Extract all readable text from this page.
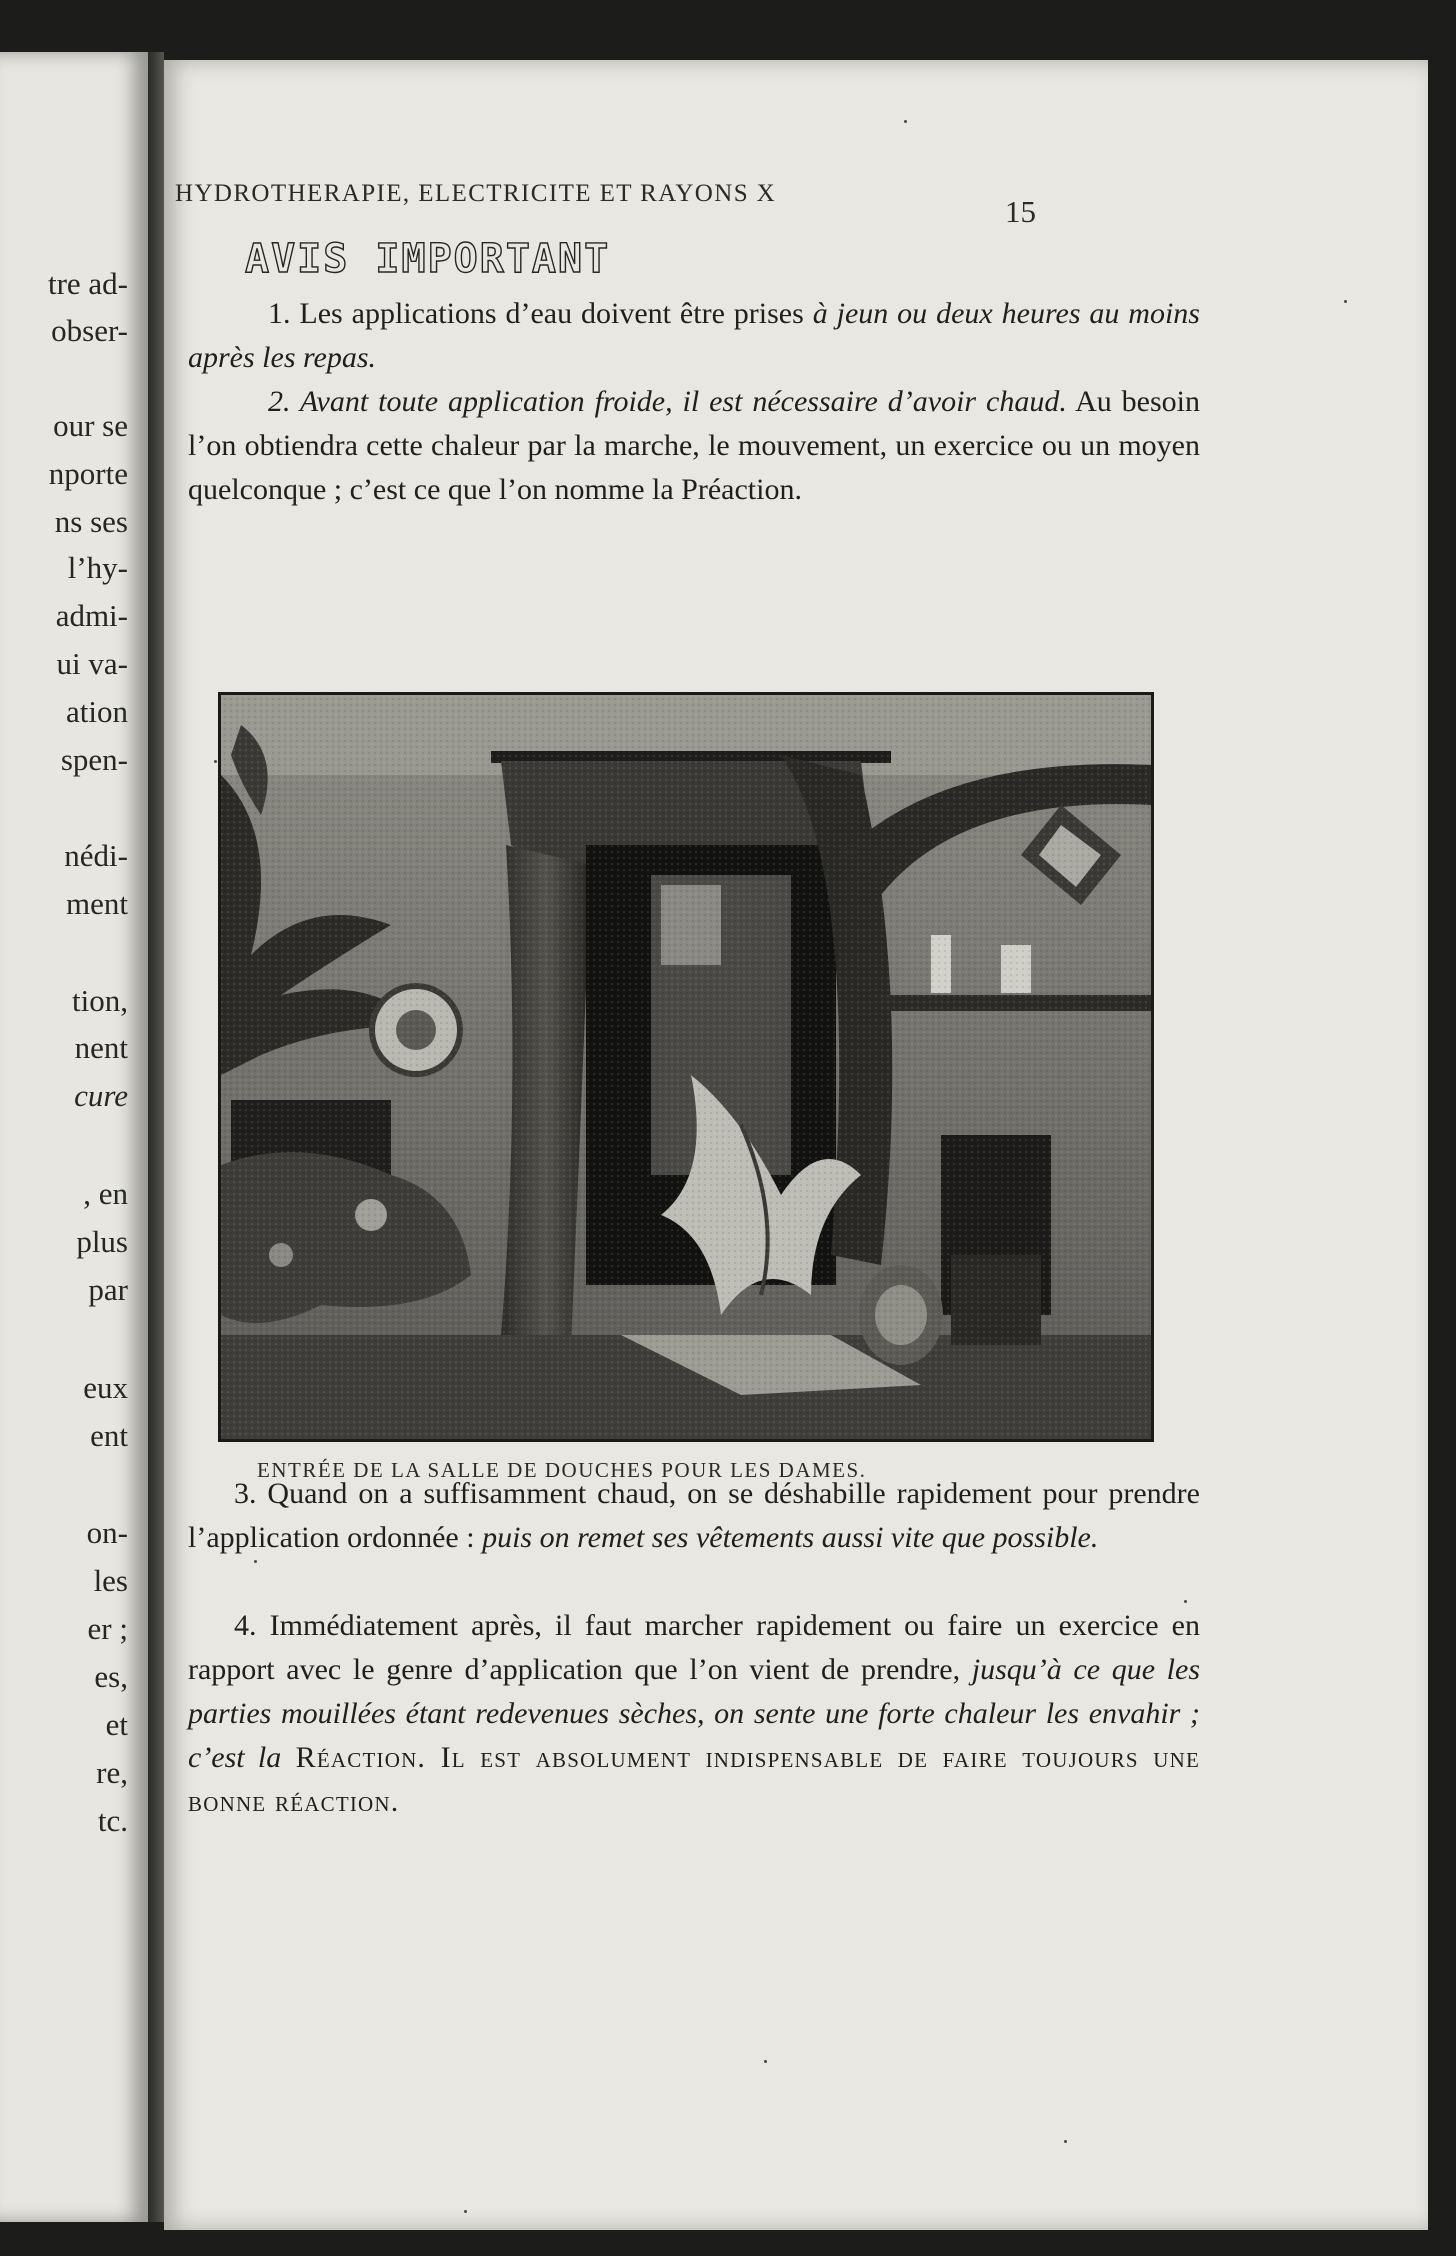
tre ad-
obser-
our se
nporte
ns ses
l’hy-
admi-
ui va-
ation
spen-
nédi-
ment
tion,
nent
cure
, en
plus
par
eux
ent
on-
les
er ;
es,
et
re,
tc.
HYDROTHERAPIE, ELECTRICITE ET RAYONS X
15
AVIS IMPORTANT
1. Les applications d’eau doivent être prises à jeun ou deux heures au moins après les repas.
2. Avant toute application froide, il est nécessaire d’avoir chaud. Au besoin l’on obtiendra cette chaleur par la marche, le mouvement, un exercice ou un moyen quelconque ; c’est ce que l’on nomme la Préaction.
ENTRÉE DE LA SALLE DE DOUCHES POUR LES DAMES.
3. Quand on a suffisamment chaud, on se déshabille rapidement pour prendre l’application ordonnée : puis on remet ses vêtements aussi vite que possible.
4. Immédiatement après, il faut marcher rapidement ou faire un exercice en rapport avec le genre d’application que l’on vient de prendre, jusqu’à ce que les parties mouillées étant redevenues sèches, on sente une forte chaleur les envahir ; c’est la Réaction. Il est absolument indispensable de faire toujours une bonne réaction.
